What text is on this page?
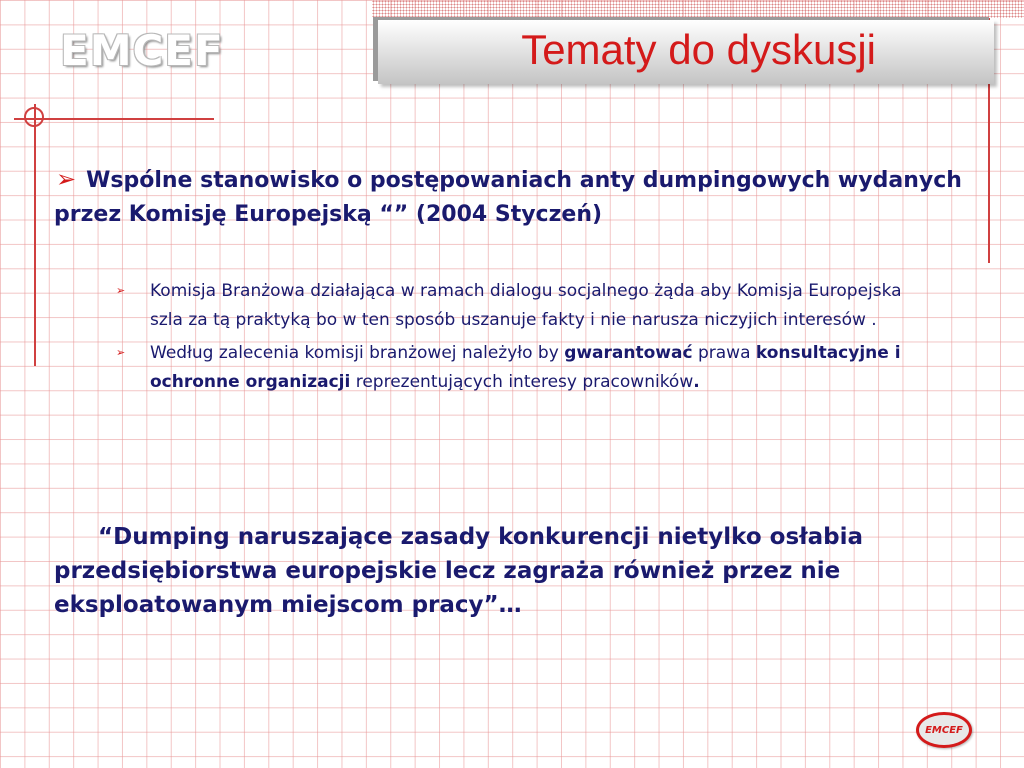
EMCEF	Tematy do dyskusji
➢ Wspólne stanowisko o postępowaniach anty dumpingowych wydanych przez Komisję Europejską “” (2004 Styczeń)
➢ Komisja Branżowa działająca w ramach dialogu socjalnego żąda aby Komisja Europejska szla za tą praktyką bo w ten sposób uszanuje fakty i nie narusza niczyjich interesów .
➢ Według zalecenia komisji branżowej należyło by gwarantować prawa konsultacyjne i ochronne organizacji reprezentujących interesy pracowników.
“Dumping naruszające zasady konkurencji nietylko osłabia przedsiębiorstwa europejskie lecz zagraża również przez nie eksploatowanym miejscom pracy”…
EMCEF
